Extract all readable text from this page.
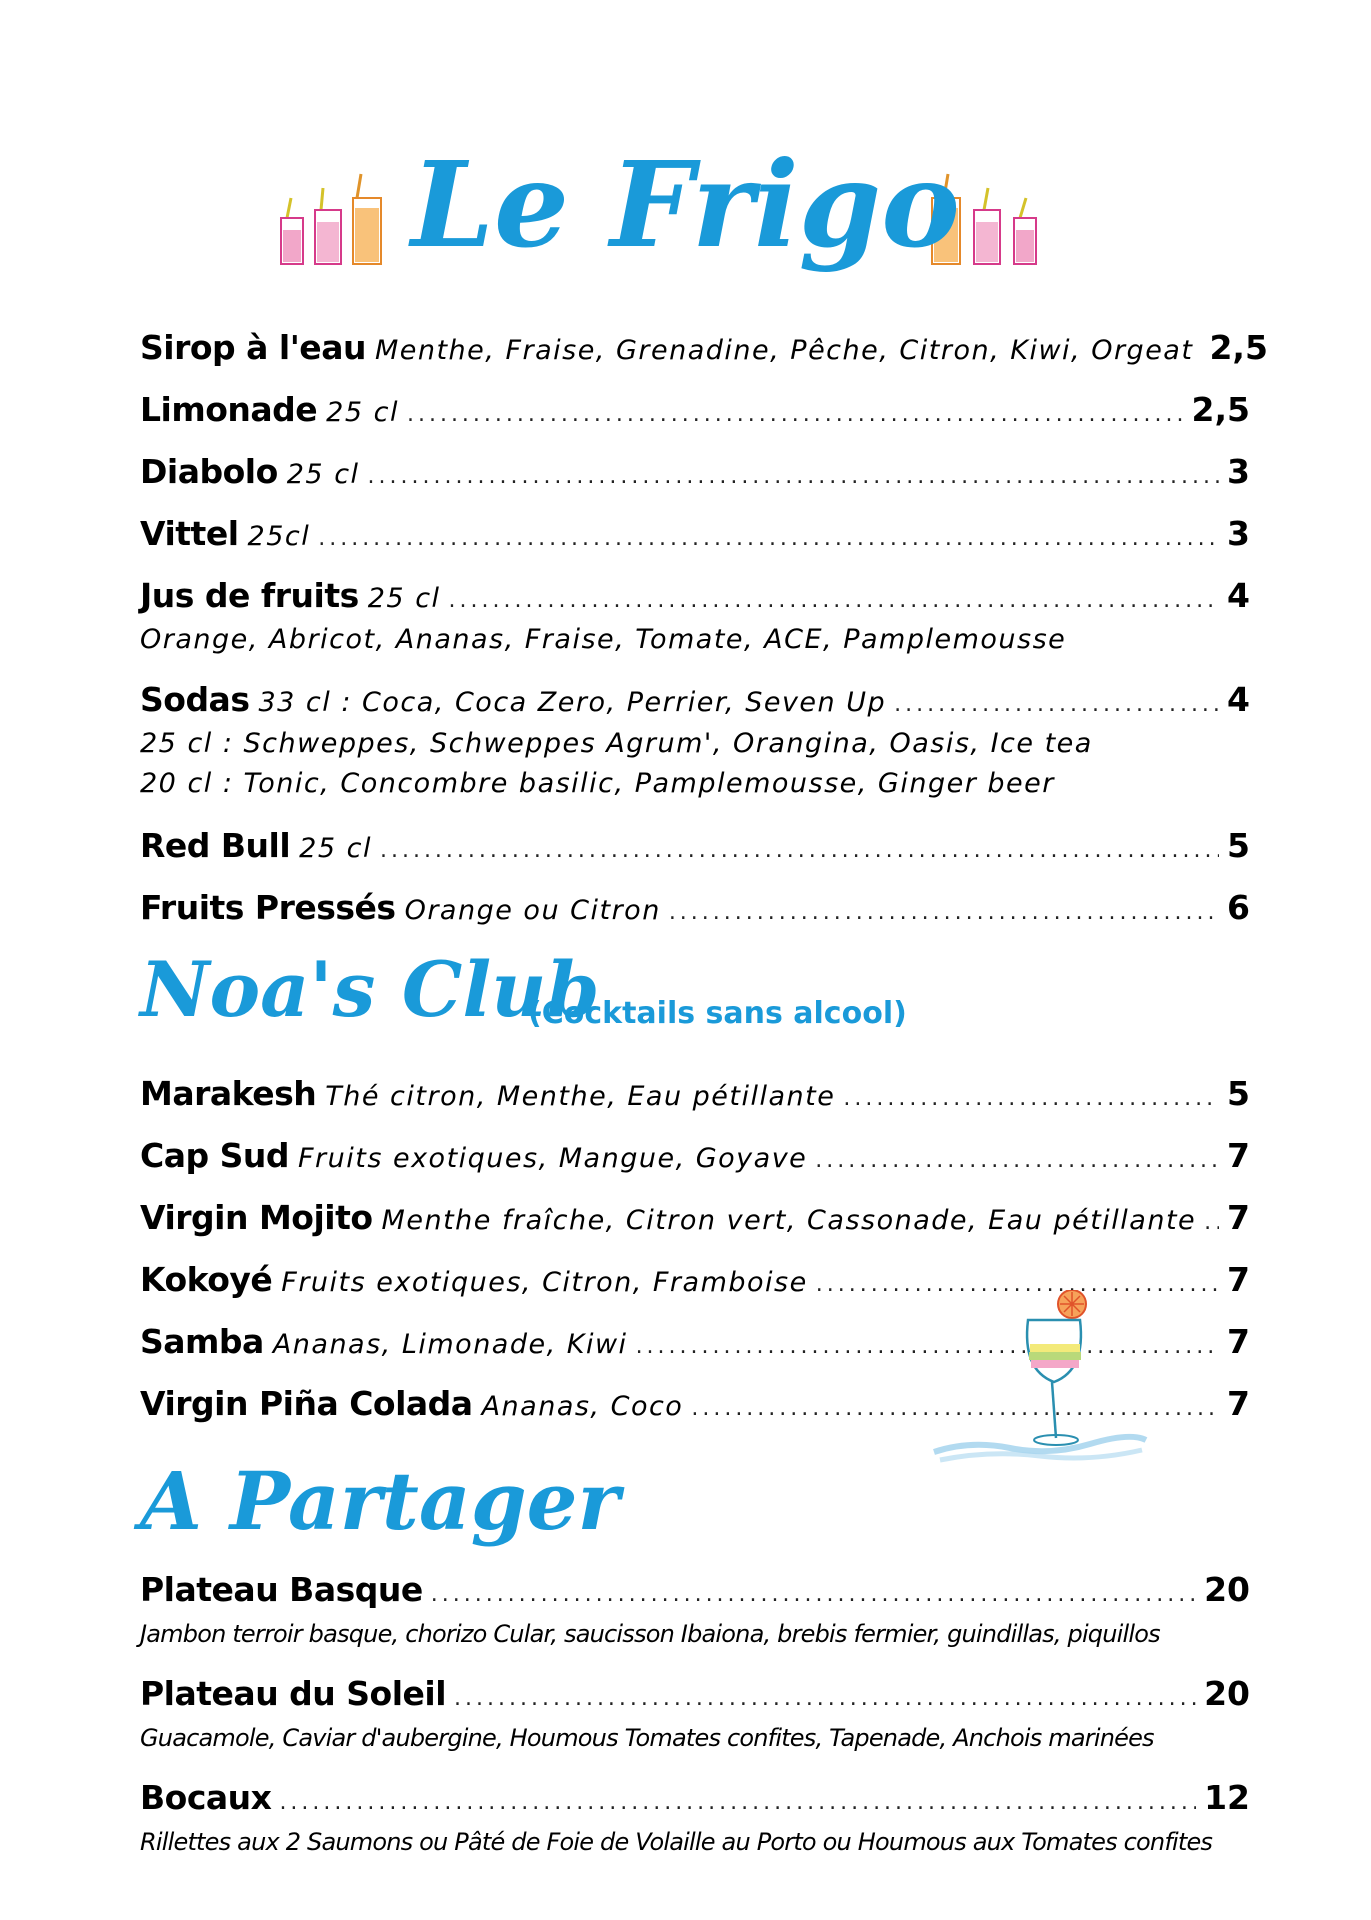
Le Frigo
Sirop à l'eau Menthe, Fraise, Grenadine, Pêche, Citron, Kiwi, Orgeat 2,5
Limonade 25 cl .....	2,5
Diabolo 25 cl .....	3
Vittel 25cl .....	3
Jus de fruits 25 cl .....	4
Orange, Abricot, Ananas, Fraise, Tomate, ACE, Pamplemousse
Sodas 33 cl : Coca, Coca Zero, Perrier, Seven Up .....	4
25 cl : Schweppes, Schweppes Agrum', Orangina, Oasis, Ice tea
20 cl : Tonic, Concombre basilic, Pamplemousse, Ginger beer
Red Bull 25 cl .....	5
Fruits Pressés Orange ou Citron .....	6
Noa's Club
(Cocktails sans alcool)
Marakesh Thé citron, Menthe, Eau pétillante .....	5
Cap Sud Fruits exotiques, Mangue, Goyave .....	7
Virgin Mojito Menthe fraîche, Citron vert, Cassonade, Eau pétillante ..... 7
Kokoyé Fruits exotiques, Citron, Framboise .....	7
Samba Ananas, Limonade, Kiwi .....	7
Virgin Piña Colada Ananas, Coco .....	7
A Partager
Plateau Basque .....	20
Jambon terroir basque, chorizo Cular, saucisson Ibaiona, brebis fermier, guindillas, piquillos
Plateau du Soleil .....	20
Guacamole, Caviar d'aubergine, Houmous Tomates confites, Tapenade, Anchois marinées
Bocaux .....	12
Rillettes aux 2 Saumons ou Pâté de Foie de Volaille au Porto ou Houmous aux Tomates confites
